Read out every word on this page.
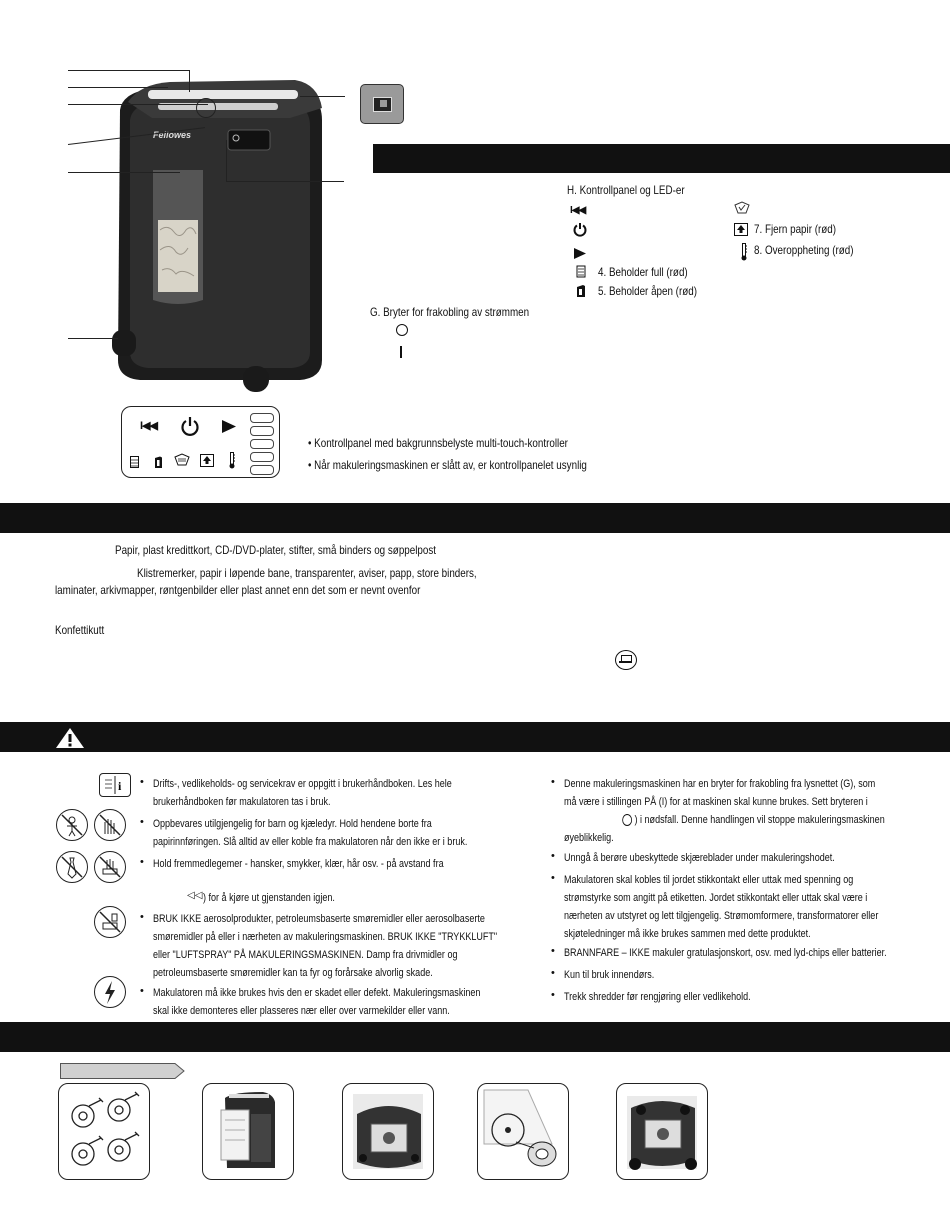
Fellowes
H. Kontrollpanel og LED-er
I◀◀
4. Beholder full (rød)
5. Beholder åpen (rød)
7. Fjern papir (rød)
8. Overoppheting (rød)
G. Bryter for frakobling av strømmen
I◀◀
• Kontrollpanel med bakgrunnsbelyste multi-touch-kontroller
• Når makuleringsmaskinen er slått av, er kontrollpanelet usynlig
Papir, plast kredittkort, CD-/DVD-plater, stifter, små binders og søppelpost
Klistremerker, papir i løpende bane, transparenter, aviser, papp, store binders,
laminater, arkivmapper, røntgenbilder eller plast annet enn det som er nevnt ovenfor
Konfettikutt
i • Drifts-, vedlikeholds- og servicekrav er oppgitt i brukerhåndboken. Les hele
brukerhåndboken før makulatoren tas i bruk.
• Oppbevares utilgjengelig for barn og kjæledyr. Hold hendene borte fra
papirinnføringen. Slå alltid av eller koble fra makulatoren når den ikke er i bruk.
• Hold fremmedlegemer - hansker, smykker, klær, hår osv. - på avstand fra
◁◁ ) for å kjøre ut gjenstanden igjen.
• BRUK IKKE aerosolprodukter, petroleumsbaserte smøremidler eller aerosolbaserte
smøremidler på eller i nærheten av makuleringsmaskinen. BRUK IKKE "TRYKKLUFT"
eller "LUFTSPRAY" PÅ MAKULERINGSMASKINEN. Damp fra drivmidler og
petroleumsbaserte smøremidler kan ta fyr og forårsake alvorlig skade.
• Makulatoren må ikke brukes hvis den er skadet eller defekt. Makuleringsmaskinen
skal ikke demonteres eller plasseres nær eller over varmekilder eller vann.
• Denne makuleringsmaskinen har en bryter for frakobling fra lysnettet (G), som
må være i stillingen PÅ (I) for at maskinen skal kunne brukes. Sett bryteren i
) i nødsfall. Denne handlingen vil stoppe makuleringsmaskinen
øyeblikkelig.
• Unngå å berøre ubeskyttede skjæreblader under makuleringshodet.
• Makulatoren skal kobles til jordet stikkontakt eller uttak med spenning og
strømstyrke som angitt på etiketten. Jordet stikkontakt eller uttak skal være i
nærheten av utstyret og lett tilgjengelig. Strømomformere, transformatorer eller
skjøteledninger må ikke brukes sammen med dette produktet.
• BRANNFARE – IKKE makuler gratulasjonskort, osv. med lyd-chips eller batterier.
• Kun til bruk innendørs.
• Trekk shredder før rengjøring eller vedlikehold.
